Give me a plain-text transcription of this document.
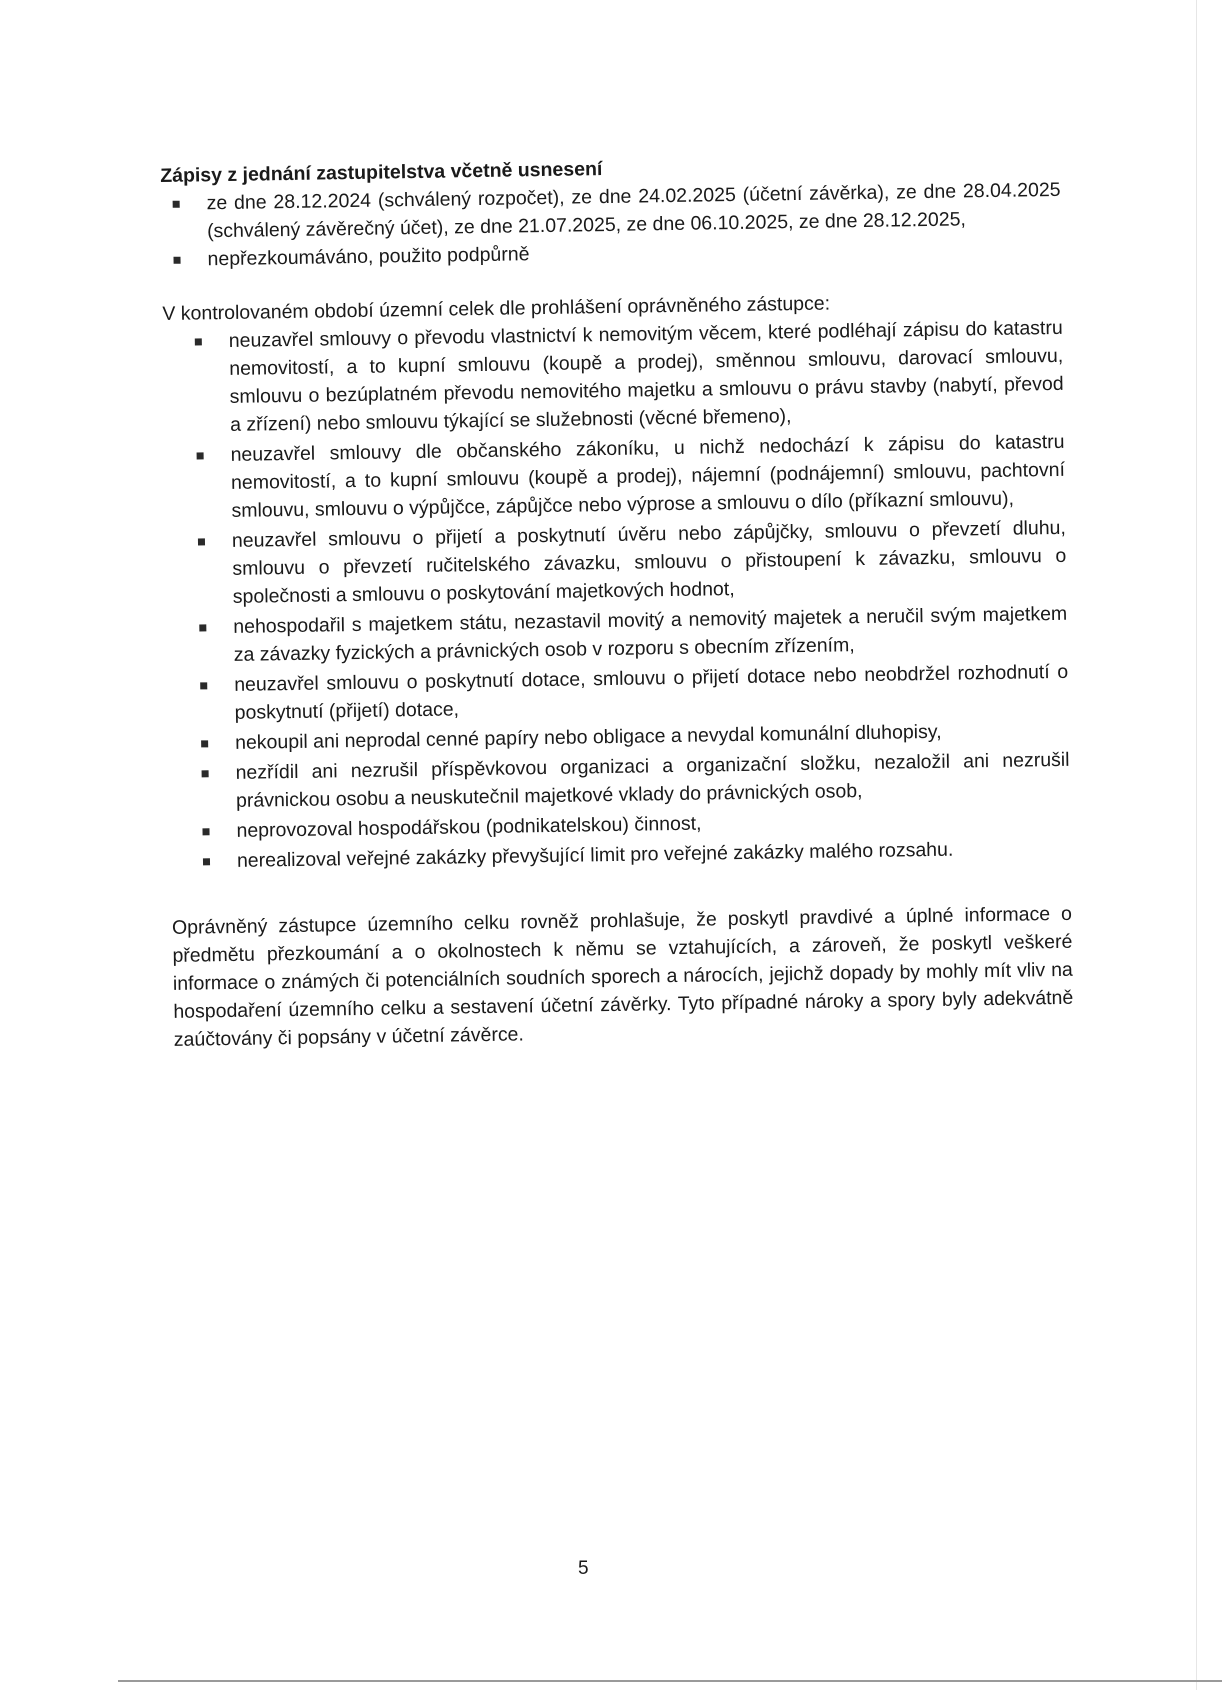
Zápisy z jednání zastupitelstva včetně usnesení

ze dne 28.12.2024 (schválený rozpočet), ze dne 24.02.2025 (účetní závěrka), ze dne 28.04.2025 (schválený závěrečný účet), ze dne 21.07.2025, ze dne 06.10.2025, ze dne 28.12.2025,
nepřezkoumáváno, použito podpůrně

V kontrolovaném období územní celek dle prohlášení oprávněného zástupce:

neuzavřel smlouvy o převodu vlastnictví k nemovitým věcem, které podléhají zápisu do katastru nemovitostí, a to kupní smlouvu (koupě a prodej), směnnou smlouvu, darovací smlouvu, smlouvu o bezúplatném převodu nemovitého majetku a smlouvu o právu stavby (nabytí, převod a zřízení) nebo smlouvu týkající se služebnosti (věcné břemeno),
neuzavřel smlouvy dle občanského zákoníku, u nichž nedochází k zápisu do katastru nemovitostí, a to kupní smlouvu (koupě a prodej), nájemní (podnájemní) smlouvu, pachtovní smlouvu, smlouvu o výpůjčce, zápůjčce nebo výprose a smlouvu o dílo (příkazní smlouvu),
neuzavřel smlouvu o přijetí a poskytnutí úvěru nebo zápůjčky, smlouvu o převzetí dluhu, smlouvu o převzetí ručitelského závazku, smlouvu o přistoupení k závazku, smlouvu o společnosti a smlouvu o poskytování majetkových hodnot,
nehospodařil s majetkem státu, nezastavil movitý a nemovitý majetek a neručil svým majetkem za závazky fyzických a právnických osob v rozporu s obecním zřízením,
neuzavřel smlouvu o poskytnutí dotace, smlouvu o přijetí dotace nebo neobdržel rozhodnutí o poskytnutí (přijetí) dotace,
nekoupil ani neprodal cenné papíry nebo obligace a nevydal komunální dluhopisy,
nezřídil ani nezrušil příspěvkovou organizaci a organizační složku, nezaložil ani nezrušil právnickou osobu a neuskutečnil majetkové vklady do právnických osob,
neprovozoval hospodářskou (podnikatelskou) činnost,
nerealizoval veřejné zakázky převyšující limit pro veřejné zakázky malého rozsahu.

Oprávněný zástupce územního celku rovněž prohlašuje, že poskytl pravdivé a úplné informace o předmětu přezkoumání a o okolnostech k němu se vztahujících, a zároveň, že poskytl veškeré informace o známých či potenciálních soudních sporech a nárocích, jejichž dopady by mohly mít vliv na hospodaření územního celku a sestavení účetní závěrky. Tyto případné nároky a spory byly adekvátně zaúčtovány či popsány v účetní závěrce.

5
